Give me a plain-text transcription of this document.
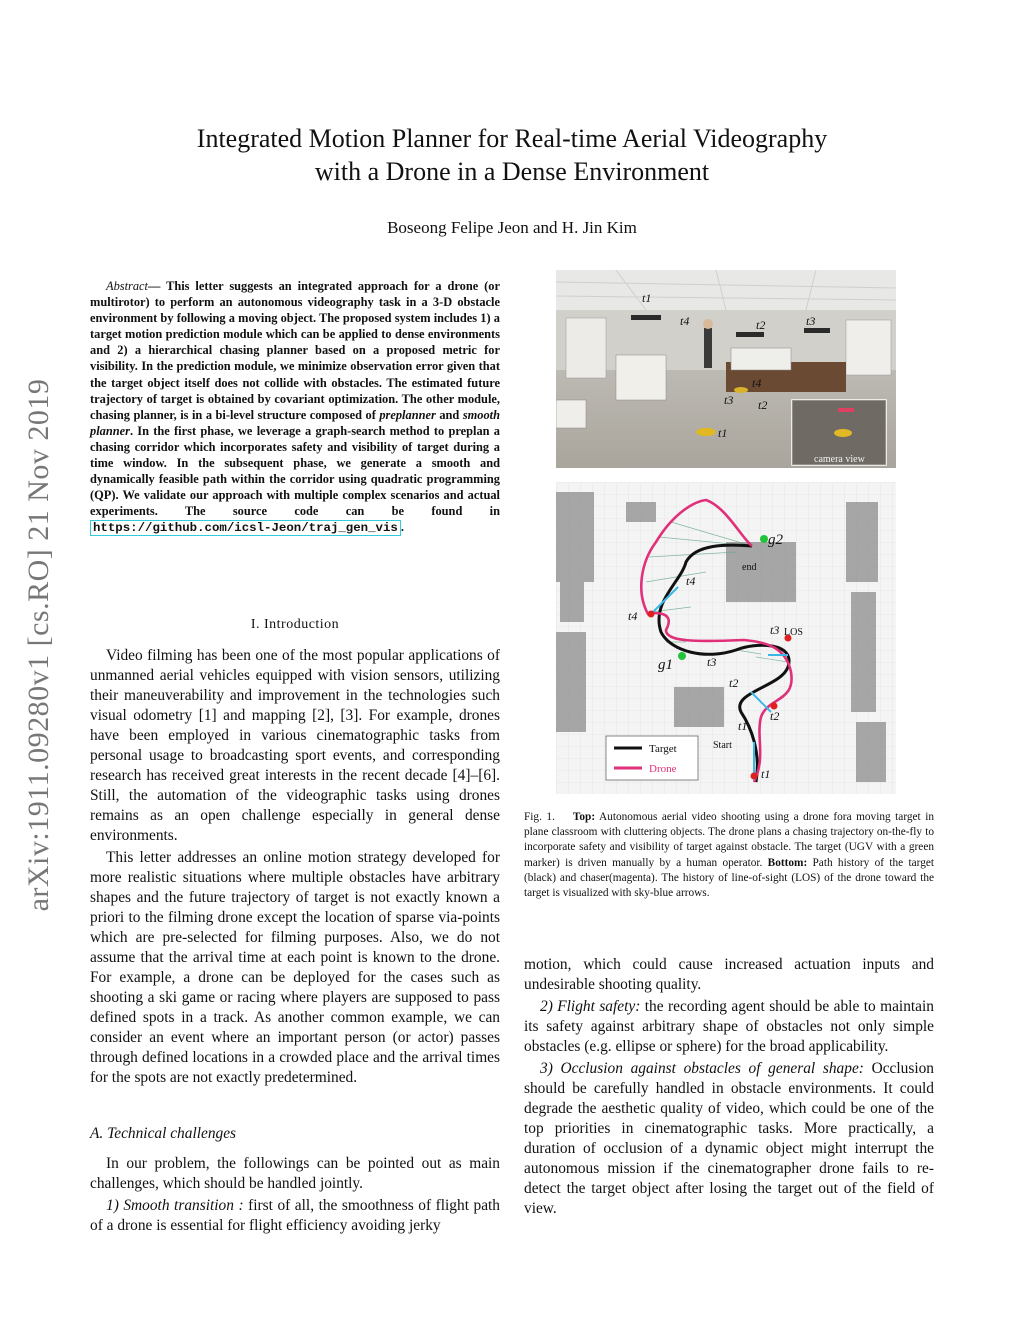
arXiv:1911.09280v1 [cs.RO] 21 Nov 2019
Integrated Motion Planner for Real-time Aerial Videography
with a Drone in a Dense Environment
Boseong Felipe Jeon and H. Jin Kim
Abstract— This letter suggests an integrated approach for a drone (or multirotor) to perform an autonomous videography task in a 3-D obstacle environment by following a moving object. The proposed system includes 1) a target motion prediction module which can be applied to dense environments and 2) a hierarchical chasing planner based on a proposed metric for visibility. In the prediction module, we minimize observation error given that the target object itself does not collide with obstacles. The estimated future trajectory of target is obtained by covariant optimization. The other module, chasing planner, is in a bi-level structure composed of preplanner and smooth planner. In the first phase, we leverage a graph-search method to preplan a chasing corridor which incorporates safety and visibility of target during a time window. In the subsequent phase, we generate a smooth and dynamically feasible path within the corridor using quadratic programming (QP). We validate our approach with multiple complex scenarios and actual experiments. The source code can be found in https://github.com/icsl-Jeon/traj_gen_vis .
I. Introduction

Video filming has been one of the most popular applications of unmanned aerial vehicles equipped with vision sensors, utilizing their maneuverability and improvement in the technologies such visual odometry [1] and mapping [2], [3]. For example, drones have been employed in various cinematographic tasks from personal usage to broadcasting sport events, and corresponding research has received great interests in the recent decade [4]–[6]. Still, the automation of the videographic tasks using drones remains as an open challenge especially in general dense environments.

This letter addresses an online motion strategy developed for more realistic situations where multiple obstacles have arbitrary shapes and the future trajectory of target is not exactly known a priori to the filming drone except the location of sparse via-points which are pre-selected for filming purposes. Also, we do not assume that the arrival time at each point is known to the drone. For example, a drone can be deployed for the cases such as shooting a ski game or racing where players are supposed to pass defined spots in a track. As another common example, we can consider an event where an important person (or actor) passes through defined locations in a crowded place and the arrival times for the spots are not exactly predetermined.

A. Technical challenges

In our problem, the followings can be pointed out as main challenges, which should be handled jointly.

1) Smooth transition : first of all, the smoothness of flight path of a drone is essential for flight efficiency avoiding jerky

t1
t4	t2	t3
t4
t3 t2
t1
camera view
g2
end
t4
t4
t3 LOS
g1	t3
t2
t2
t1
Start
t1
Target
Drone
Fig. 1. Top: Autonomous aerial video shooting using a drone fora moving target in plane classroom with cluttering objects. The drone plans a chasing trajectory on-the-fly to incorporate safety and visibility of target against obstacle. The target (UGV with a green marker) is driven manually by a human operator. Bottom: Path history of the target (black) and chaser(magenta). The history of line-of-sight (LOS) of the drone toward the target is visualized with sky-blue arrows.

motion, which could cause increased actuation inputs and undesirable shooting quality.

2) Flight safety: the recording agent should be able to maintain its safety against arbitrary shape of obstacles not only simple obstacles (e.g. ellipse or sphere) for the broad applicability.

3) Occlusion against obstacles of general shape: Occlusion should be carefully handled in obstacle environments. It could degrade the aesthetic quality of video, which could be one of the top priorities in cinematographic tasks. More practically, a duration of occlusion of a dynamic object might interrupt the autonomous mission if the cinematographer drone fails to re-detect the target object after losing the target out of the field of view.
